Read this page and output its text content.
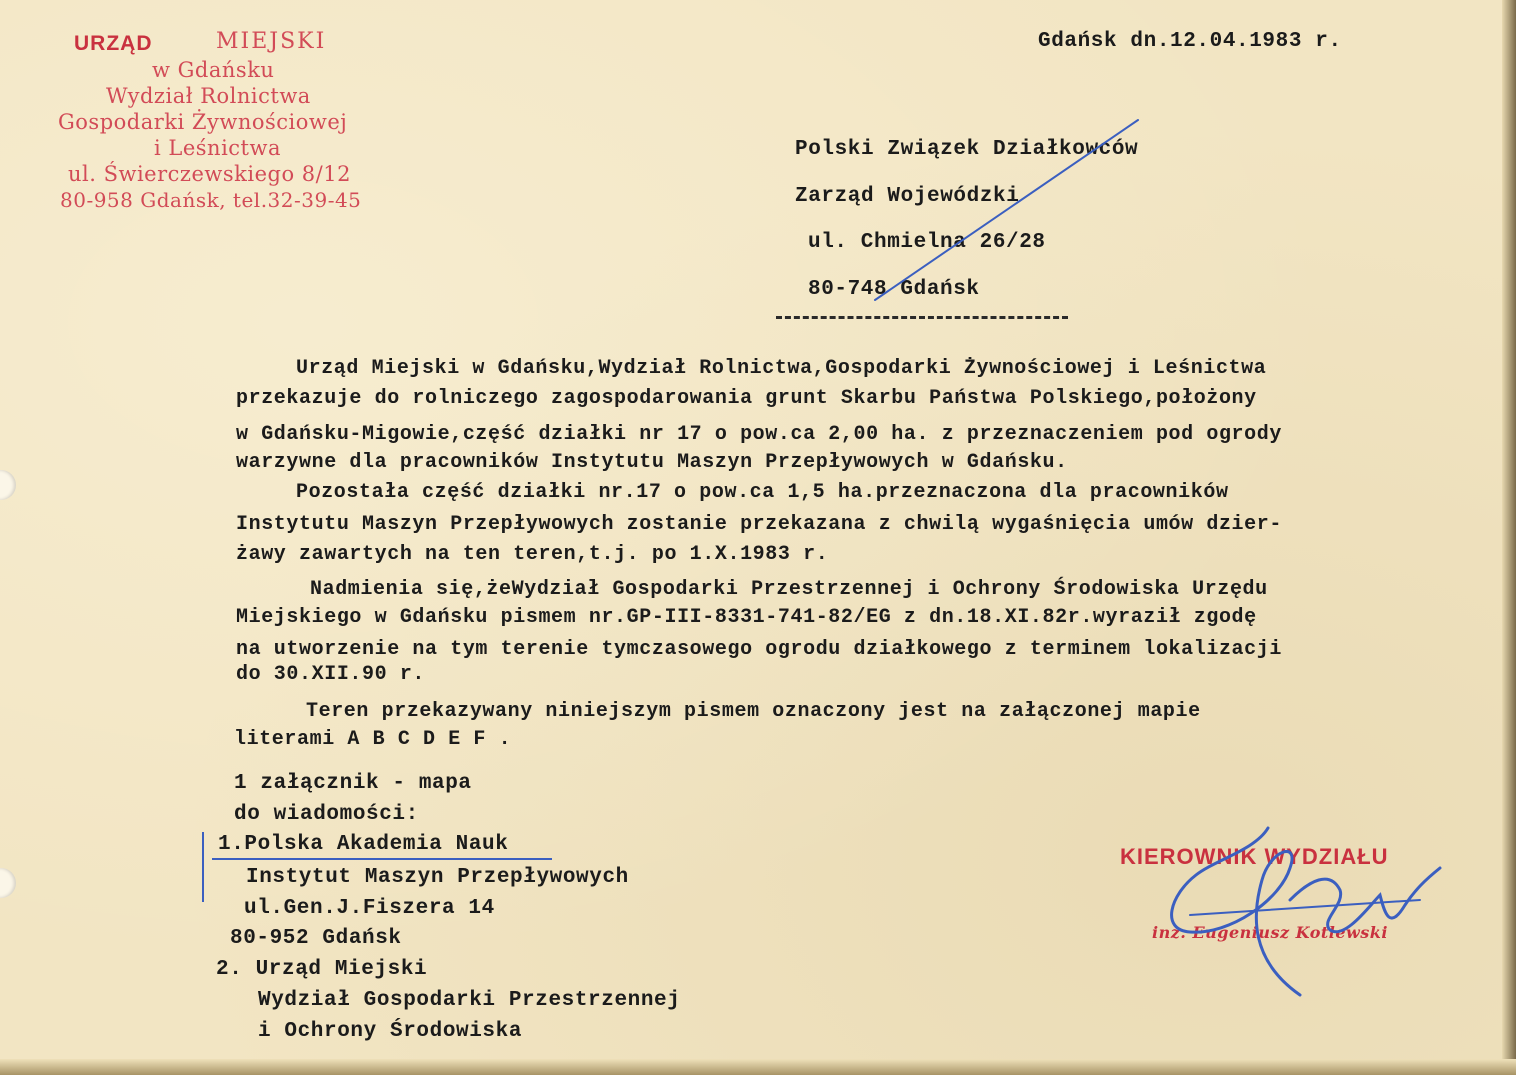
URZĄD	MIEJSKI
w Gdańsku
Wydział Rolnictwa
Gospodarki Żywnościowej
i Leśnictwa
ul. Świerczewskiego 8/12
80-958 Gdańsk, tel.32-39-45
Gdańsk dn.12.04.1983 r.
Polski Związek Działkowców
Zarząd Wojewódzki
ul. Chmielna 26/28
80-748 Gdańsk
Urząd Miejski w Gdańsku,Wydział Rolnictwa,Gospodarki Żywnościowej i Leśnictwa
przekazuje do rolniczego zagospodarowania grunt Skarbu Państwa Polskiego,położony
w Gdańsku-Migowie,część działki nr 17 o pow.ca 2,00 ha. z przeznaczeniem pod ogrody
warzywne dla pracowników Instytutu Maszyn Przepływowych w Gdańsku.
Pozostała część działki nr.17 o pow.ca 1,5 ha.przeznaczona dla pracowników
Instytutu Maszyn Przepływowych zostanie przekazana z chwilą wygaśnięcia umów dzier-
żawy zawartych na ten teren,t.j. po 1.X.1983 r.
Nadmienia się,żeWydział Gospodarki Przestrzennej i Ochrony Środowiska Urzędu
Miejskiego w Gdańsku pismem nr.GP-III-8331-741-82/EG z dn.18.XI.82r.wyraził zgodę
na utworzenie na tym terenie tymczasowego ogrodu działkowego z terminem lokalizacji
do 30.XII.90 r.
Teren przekazywany niniejszym pismem oznaczony jest na załączonej mapie
literami A B C D E F .
1 załącznik - mapa
do wiadomości:
1.Polska Akademia Nauk
Instytut Maszyn Przepływowych
ul.Gen.J.Fiszera 14
80-952 Gdańsk
2. Urząd Miejski
Wydział Gospodarki Przestrzennej
i Ochrony Środowiska
KIEROWNIK WYDZIAŁU
inż. Eugeniusz Kotlewski
